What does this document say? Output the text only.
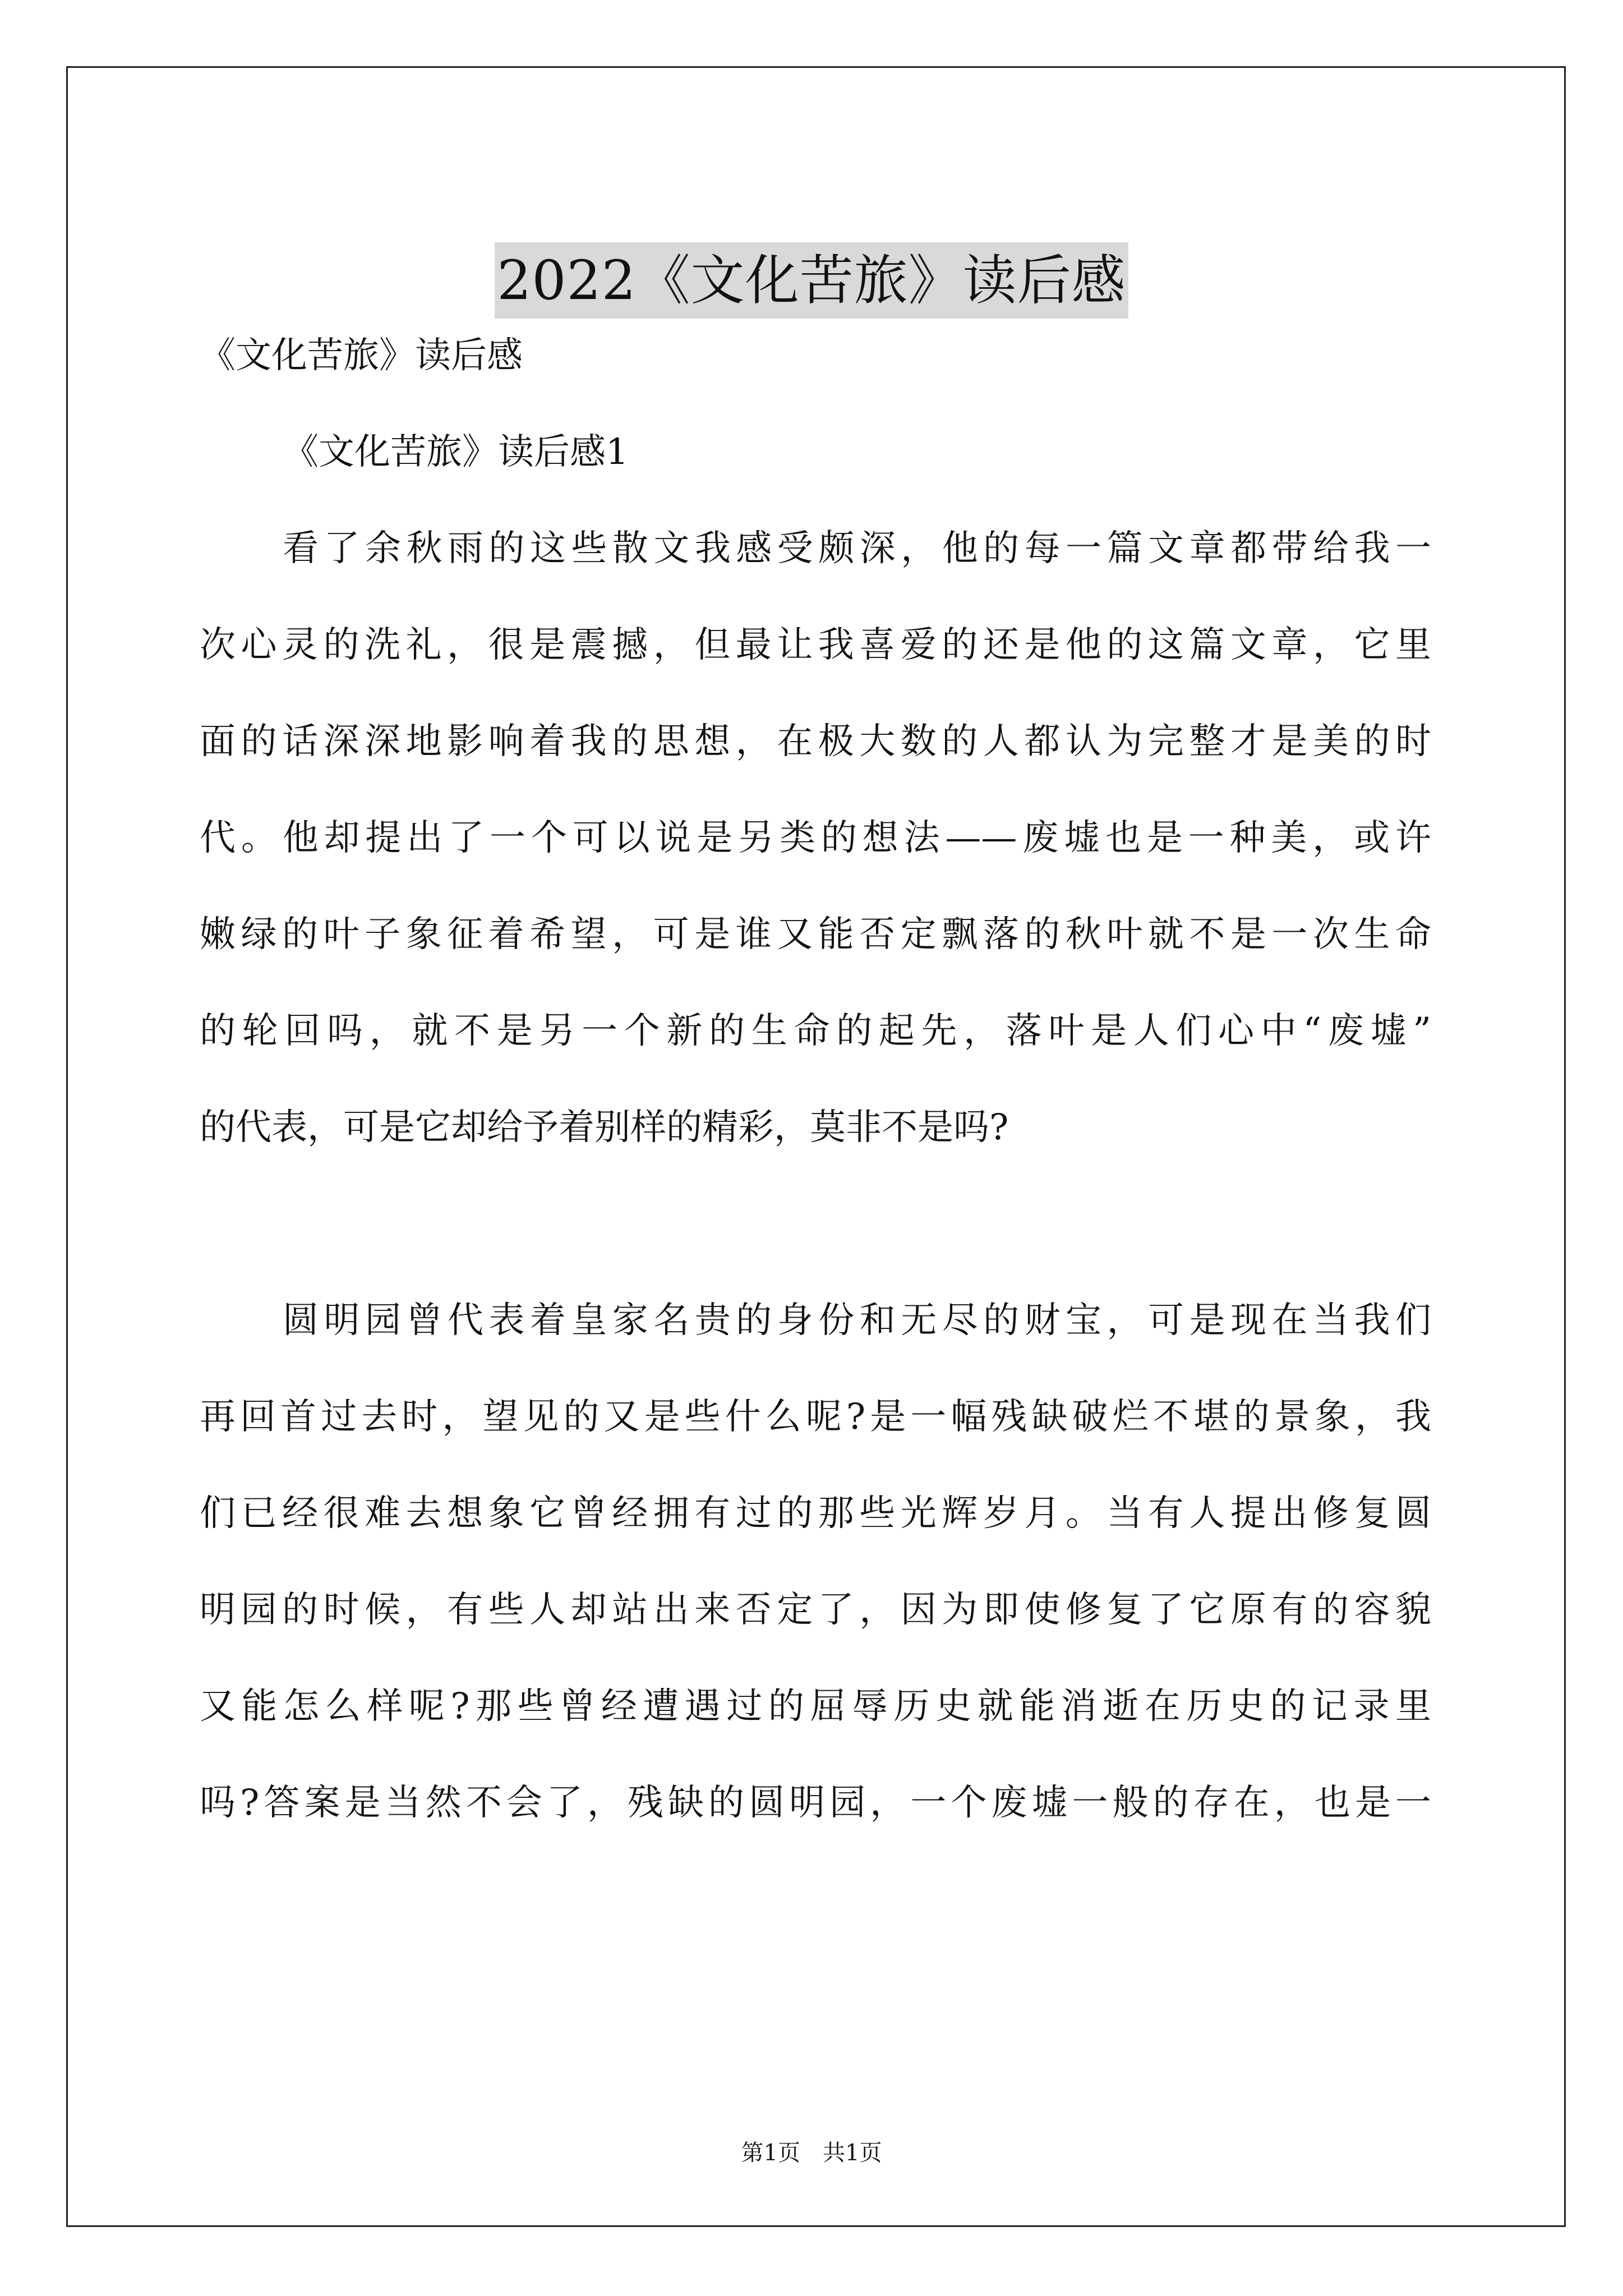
2022《文化苦旅》读后感
《文化苦旅》读后感
《文化苦旅》读后感1
看了余秋雨的这些散文我感受颇深，他的每一篇文章都带给我一
次心灵的洗礼，很是震撼，但最让我喜爱的还是他的这篇文章，它里
面的话深深地影响着我的思想，在极大数的人都认为完整才是美的时
代。他却提出了一个可以说是另类的想法——废墟也是一种美，或许
嫩绿的叶子象征着希望，可是谁又能否定飘落的秋叶就不是一次生命
的轮回吗，就不是另一个新的生命的起先，落叶是人们心中“废墟”
的代表，可是它却给予着别样的精彩，莫非不是吗?
圆明园曾代表着皇家名贵的身份和无尽的财宝，可是现在当我们
再回首过去时，望见的又是些什么呢?是一幅残缺破烂不堪的景象，我
们已经很难去想象它曾经拥有过的那些光辉岁月。当有人提出修复圆
明园的时候，有些人却站出来否定了，因为即使修复了它原有的容貌
又能怎么样呢?那些曾经遭遇过的屈辱历史就能消逝在历史的记录里
吗?答案是当然不会了，残缺的圆明园，一个废墟一般的存在，也是一
第1页 共1页
